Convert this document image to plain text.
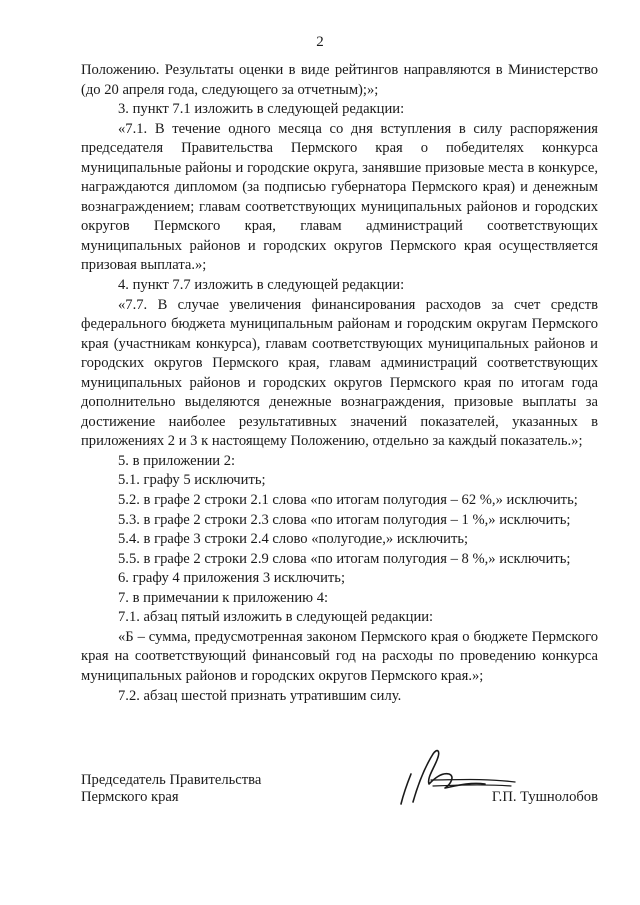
2

Положению. Результаты оценки в виде рейтингов направляются в Министерство (до 20 апреля года, следующего за отчетным);»;

3. пункт 7.1 изложить в следующей редакции:

«7.1. В течение одного месяца со дня вступления в силу распоряжения председателя Правительства Пермского края о победителях конкурса муниципальные районы и городские округа, занявшие призовые места в конкурсе, награждаются дипломом (за подписью губернатора Пермского края) и денежным вознаграждением; главам соответствующих муниципальных районов и городских округов Пермского края, главам администраций соответствующих муниципальных районов и городских округов Пермского края осуществляется призовая выплата.»;

4. пункт 7.7 изложить в следующей редакции:

«7.7. В случае увеличения финансирования расходов за счет средств федерального бюджета муниципальным районам и городским округам Пермского края (участникам конкурса), главам соответствующих муниципальных районов и городских округов Пермского края, главам администраций соответствующих муниципальных районов и городских округов Пермского края по итогам года дополнительно выделяются денежные вознаграждения, призовые выплаты за достижение наиболее результативных значений показателей, указанных в приложениях 2 и 3 к настоящему Положению, отдельно за каждый показатель.»;

5. в приложении 2:

5.1. графу 5 исключить;

5.2. в графе 2 строки 2.1 слова «по итогам полугодия – 62 %,» исключить;

5.3. в графе 2 строки 2.3 слова «по итогам полугодия – 1 %,» исключить;

5.4. в графе 3 строки 2.4 слово «полугодие,» исключить;

5.5. в графе 2 строки 2.9 слова «по итогам полугодия – 8 %,» исключить;

6. графу 4 приложения 3 исключить;

7. в примечании к приложению 4:

7.1. абзац пятый изложить в следующей редакции:

«Б – сумма, предусмотренная законом Пермского края о бюджете Пермского края на соответствующий финансовый год на расходы по проведению конкурса муниципальных районов и городских округов Пермского края.»;

7.2. абзац шестой признать утратившим силу.

Председатель Правительства
Пермского края	Г.П. Тушнолобов
